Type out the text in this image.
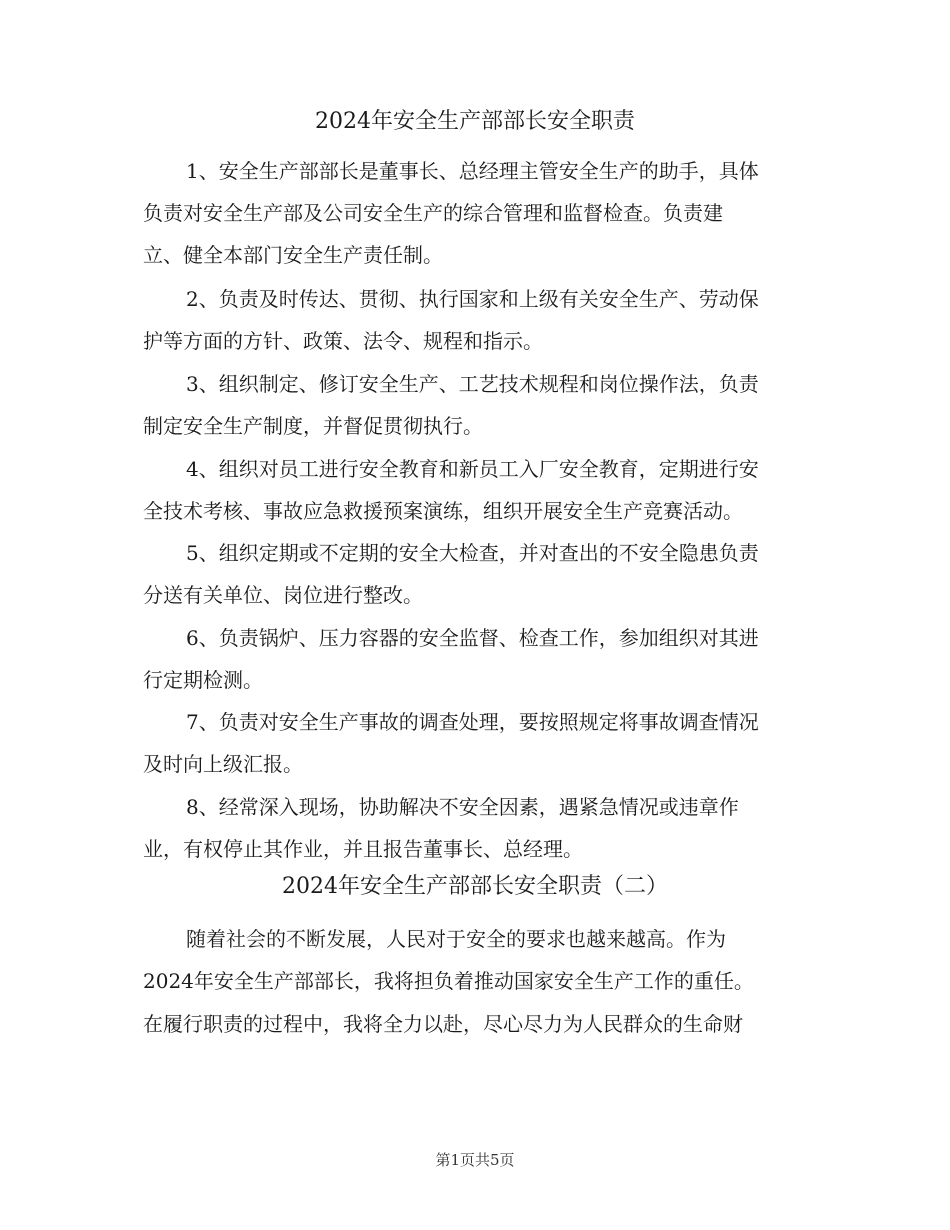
2024年安全生产部部长安全职责
1、安全生产部部长是董事长、总经理主管安全生产的助手，具体
负责对安全生产部及公司安全生产的综合管理和监督检查。负责建
立、健全本部门安全生产责任制。
2、负责及时传达、贯彻、执行国家和上级有关安全生产、劳动保
护等方面的方针、政策、法令、规程和指示。
3、组织制定、修订安全生产、工艺技术规程和岗位操作法，负责
制定安全生产制度，并督促贯彻执行。
4、组织对员工进行安全教育和新员工入厂安全教育，定期进行安
全技术考核、事故应急救援预案演练，组织开展安全生产竞赛活动。
5、组织定期或不定期的安全大检查，并对查出的不安全隐患负责
分送有关单位、岗位进行整改。
6、负责锅炉、压力容器的安全监督、检查工作，参加组织对其进
行定期检测。
7、负责对安全生产事故的调查处理，要按照规定将事故调查情况
及时向上级汇报。
8、经常深入现场，协助解决不安全因素，遇紧急情况或违章作
业，有权停止其作业，并且报告董事长、总经理。
2024年安全生产部部长安全职责（二）
随着社会的不断发展，人民对于安全的要求也越来越高。作为
2024年安全生产部部长，我将担负着推动国家安全生产工作的重任。
在履行职责的过程中，我将全力以赴，尽心尽力为人民群众的生命财
第1页共5页
